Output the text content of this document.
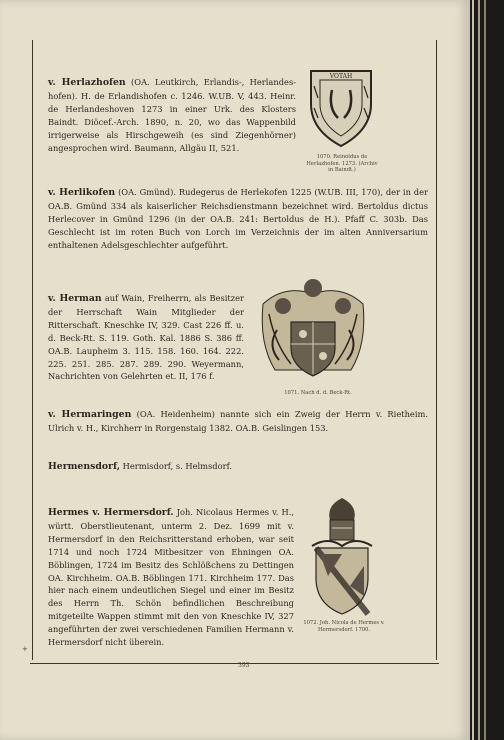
+

v. Herlazhofen (OA. Leutkirch, Erlandis-, Herlandes-hofen). H. de Erlandishofen c. 1246. W.UB. V, 443. Heinr. de Herlandeshoven 1273 in einer Urk. des Klosters Baindt. Diöcef.-Arch. 1890, n. 20, wo das Wappenbild irrigerweise als Hirschgeweih (es sind Ziegenhörner) angesprochen wird. Baumann, Allgäu II, 521.

VOTAH
1070. Reinoldus de Herlazhofen. 1273. (Archiv in Baindt.)

v. Herlikofen (OA. Gmünd). Rudegerus de Herlekofen 1225 (W.UB. III, 170), der in der OA.B. Gmünd 334 als kaiserlicher Reichsdienstmann bezeichnet wird. Bertoldus dictus Herlecover in Gmünd 1296 (in der OA.B. 241: Bertoldus de H.). Pfaff C. 303b. Das Geschlecht ist im roten Buch von Lorch im Verzeichnis der im alten Anniversarium enthaltenen Adelsgeschlechter aufgeführt.

v. Herman auf Wain, Freiherrn, als Besitzer der Herrschaft Wain Mitglieder der Ritterschaft. Kneschke IV, 329. Cast 226 ff. u. d. Beck-Rt. S. 119. Goth. Kal. 1886 S. 386 ff. OA.B. Laupheim 3. 115. 158. 160. 164. 222. 225. 251. 285. 287. 289. 290. Weyermann, Nachrichten von Gelehrten et. II, 176 f.

1071. Nach d. d. Beck-Rt.

v. Hermaringen (OA. Heidenheim) nannte sich ein Zweig der Herrn v. Rietheim. Ulrich v. H., Kirchherr in Rorgenstaig 1382. OA.B. Geislingen 153.

Hermensdorf, Hermisdorf, s. Helmsdorf.

Hermes v. Hermersdorf. Joh. Nicolaus Hermes v. H., württ. Oberstlieutenant, unterm 2. Dez. 1699 mit v. Hermersdorf in den Reichsritterstand erhoben, war seit 1714 und noch 1724 Mitbesitzer von Ehningen OA. Böblingen, 1724 im Besitz des Schlößchens zu Dettingen OA. Kirchheim. OA.B. Böblingen 171. Kirchheim 177. Das hier nach einem undeutlichen Siegel und einer im Besitz des Herrn Th. Schön befindlichen Beschreibung mitgeteilte Wappen stimmt mit den von Kneschke IV, 327 angeführten der zwei verschiedenen Familien Hermann v. Hermersdorf nicht überein.

1072. Joh. Nicola de Hermes v. Hermersdorf. 1700.
393
